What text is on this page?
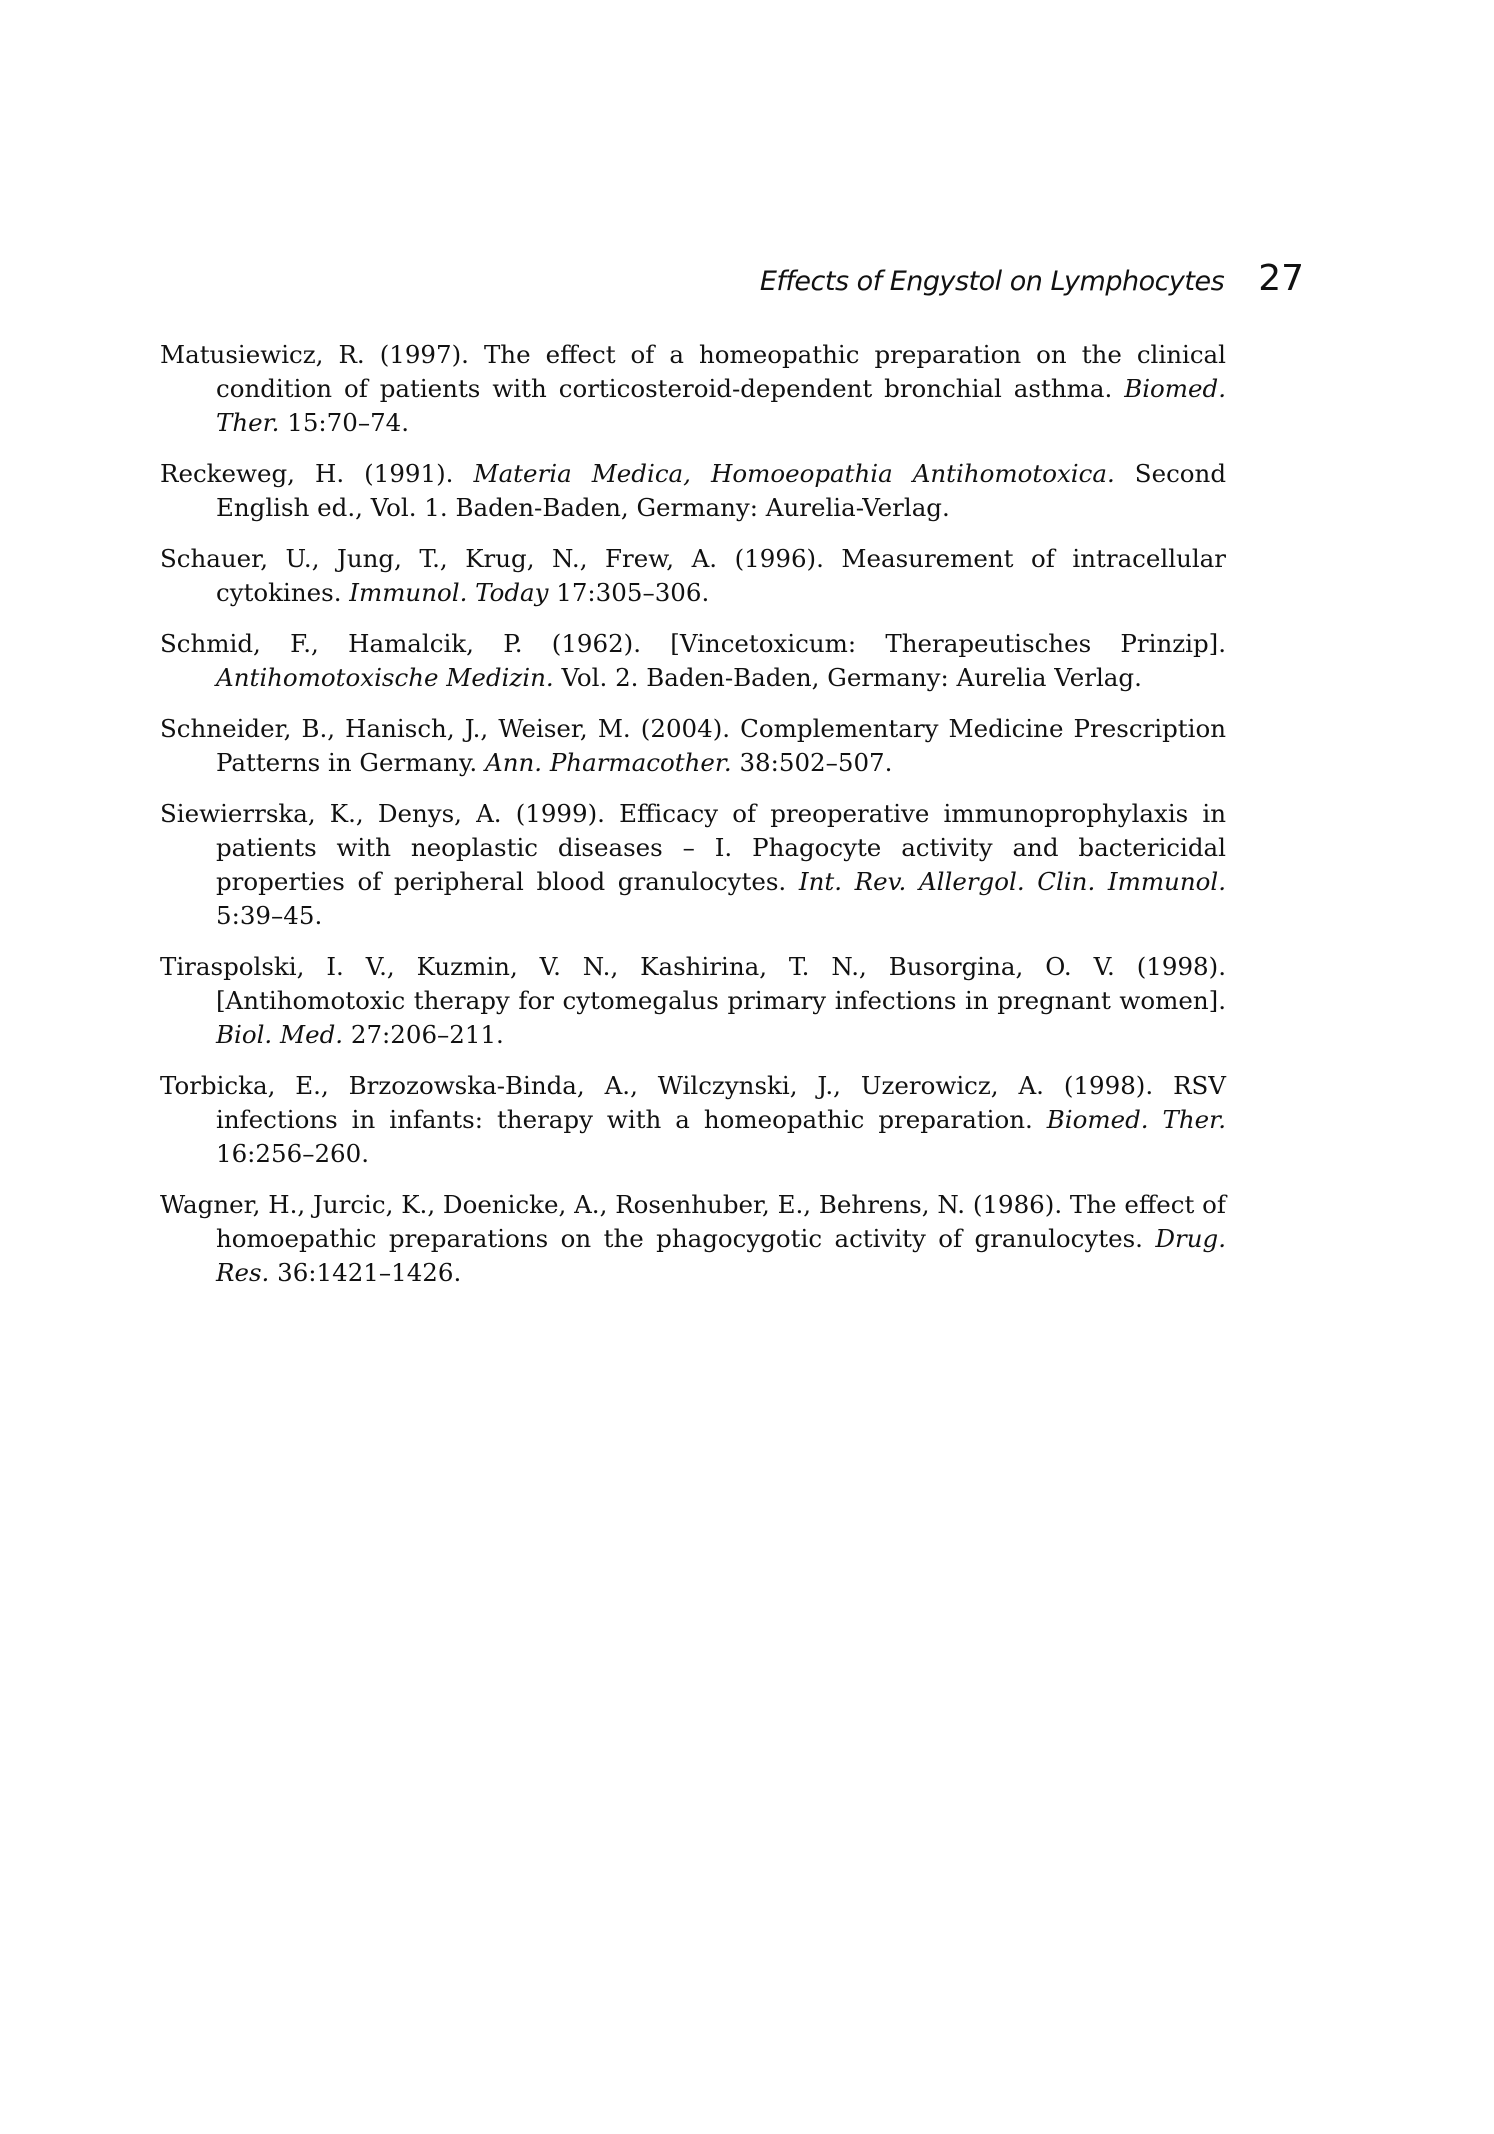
Effects of Engystol on Lymphocytes 27

Matusiewicz, R. (1997). The effect of a homeopathic preparation on the clinical condition of patients with corticosteroid-dependent bronchial asthma. Biomed. Ther. 15:70–74.

Reckeweg, H. (1991). Materia Medica, Homoeopathia Antihomotoxica. Second English ed., Vol. 1. Baden-Baden, Germany: Aurelia-Verlag.

Schauer, U., Jung, T., Krug, N., Frew, A. (1996). Measurement of intracellular cytokines. Immunol. Today 17:305–306.

Schmid, F., Hamalcik, P. (1962). [Vincetoxicum: Therapeutisches Prinzip]. Antihomotoxische Medizin. Vol. 2. Baden-Baden, Germany: Aurelia Verlag.

Schneider, B., Hanisch, J., Weiser, M. (2004). Complementary Medicine Prescription Patterns in Germany. Ann. Pharmacother. 38:502–507.

Siewierrska, K., Denys, A. (1999). Efficacy of preoperative immunoprophylaxis in patients with neoplastic diseases – I. Phagocyte activity and bactericidal properties of peripheral blood granulocytes. Int. Rev. Allergol. Clin. Immunol. 5:39–45.

Tiraspolski, I. V., Kuzmin, V. N., Kashirina, T. N., Busorgina, O. V. (1998). [Antihomotoxic therapy for cytomegalus primary infections in pregnant women]. Biol. Med. 27:206–211.

Torbicka, E., Brzozowska-Binda, A., Wilczynski, J., Uzerowicz, A. (1998). RSV infections in infants: therapy with a homeopathic preparation. Biomed. Ther. 16:256–260.

Wagner, H., Jurcic, K., Doenicke, A., Rosenhuber, E., Behrens, N. (1986). The effect of homoepathic preparations on the phagocygotic activity of granulocytes. Drug. Res. 36:1421–1426.
